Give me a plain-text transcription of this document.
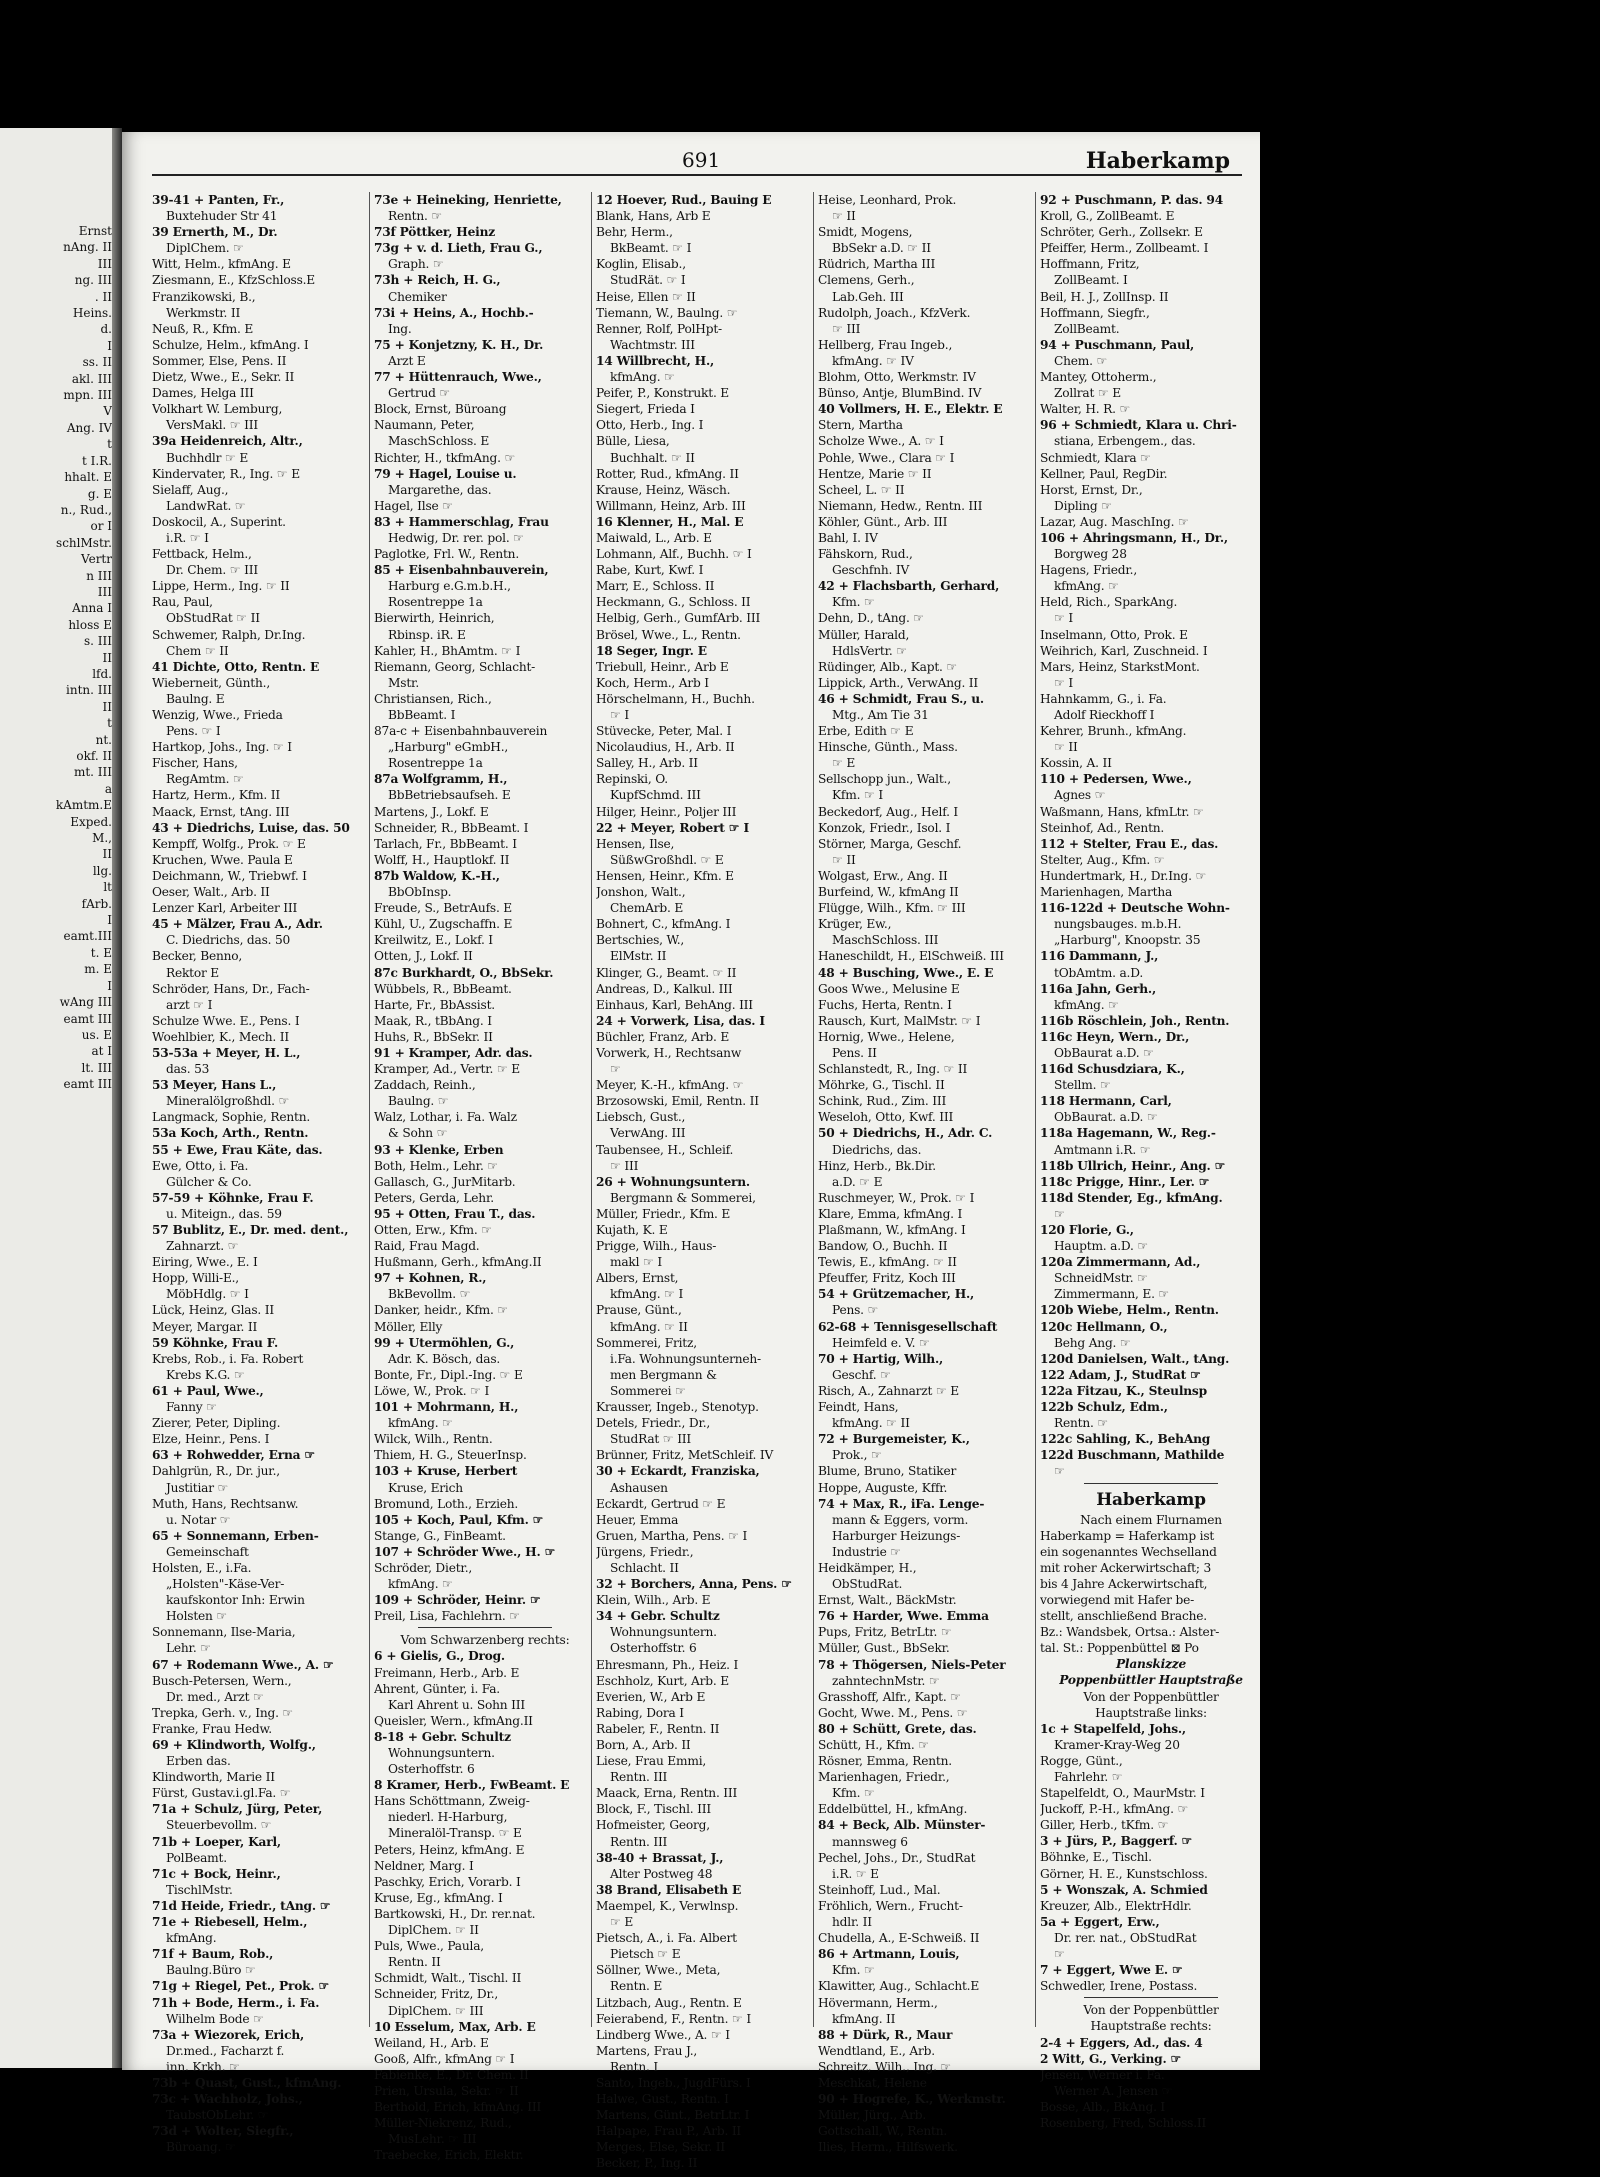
Ernst
nAng. II
III
ng. III
. II
Heins.
d.
I
ss. II
akl. III
mpn. III
V
Ang. IV
t
t I.R.
hhalt. E
g. E
n., Rud.,
or I
schlMstr.
Vertr
n III
III
Anna I
hloss E
s. III
II
lfd.
intn. III
II
t
nt.
okf. II
mt. III
a
kAmtm.E
Exped.
M.,
II
llg.
lt
fArb.
I
eamt.III
t. E
m. E
I
wAng III
eamt III
us. E
at I
lt. III
eamt III
691	Haberkamp
39-41 + Panten, Fr.,
Buxtehuder Str 41
39 Ernerth, M., Dr.
DiplChem. ☞
Witt, Helm., kfmAng. E
Ziesmann, E., KfzSchloss.E
Franzikowski, B.,
Werkmstr. II
Neuß, R., Kfm. E
Schulze, Helm., kfmAng. I
Sommer, Else, Pens. II
Dietz, Wwe., E., Sekr. II
Dames, Helga III
Volkhart W. Lemburg,
VersMakl. ☞ III
39a Heidenreich, Altr.,
Buchhdlr ☞ E
Kindervater, R., Ing. ☞ E
Sielaff, Aug.,
LandwRat. ☞
Doskocil, A., Superint.
i.R. ☞ I
Fettback, Helm.,
Dr. Chem. ☞ III
Lippe, Herm., Ing. ☞ II
Rau, Paul,
ObStudRat ☞ II
Schwemer, Ralph, Dr.Ing.
Chem ☞ II
41 Dichte, Otto, Rentn. E
Wieberneit, Günth.,
Baulng. E
Wenzig, Wwe., Frieda
Pens. ☞ I
Hartkop, Johs., Ing. ☞ I
Fischer, Hans,
RegAmtm. ☞
Hartz, Herm., Kfm. II
Maack, Ernst, tAng. III
43 + Diedrichs, Luise, das. 50
Kempff, Wolfg., Prok. ☞ E
Kruchen, Wwe. Paula E
Deichmann, W., Triebwf. I
Oeser, Walt., Arb. II
Lenzer Karl, Arbeiter III
45 + Mälzer, Frau A., Adr.
C. Diedrichs, das. 50
Becker, Benno,
Rektor E
Schröder, Hans, Dr., Fach-
arzt ☞ I
Schulze Wwe. E., Pens. I
Woehlbier, K., Mech. II
53-53a + Meyer, H. L.,
das. 53
53 Meyer, Hans L.,
Mineralölgroßhdl. ☞
Langmack, Sophie, Rentn.
53a Koch, Arth., Rentn.
55 + Ewe, Frau Käte, das.
Ewe, Otto, i. Fa.
Gülcher & Co.
57-59 + Köhnke, Frau F.
u. Miteign., das. 59
57 Bublitz, E., Dr. med. dent.,
Zahnarzt. ☞
Eiring, Wwe., E. I
Hopp, Willi-E.,
MöbHdlg. ☞ I
Lück, Heinz, Glas. II
Meyer, Margar. II
59 Köhnke, Frau F.
Krebs, Rob., i. Fa. Robert
Krebs K.G. ☞
61 + Paul, Wwe.,
Fanny ☞
Zierer, Peter, Dipling.
Elze, Heinr., Pens. I
63 + Rohwedder, Erna ☞
Dahlgrün, R., Dr. jur.,
Justitiar ☞
Muth, Hans, Rechtsanw.
u. Notar ☞
65 + Sonnemann, Erben-
Gemeinschaft
Holsten, E., i.Fa.
„Holsten"-Käse-Ver-
kaufskontor Inh: Erwin
Holsten ☞
Sonnemann, Ilse-Maria,
Lehr. ☞
67 + Rodemann Wwe., A. ☞
Busch-Petersen, Wern.,
Dr. med., Arzt ☞
Trepka, Gerh. v., Ing. ☞
Franke, Frau Hedw.
69 + Klindworth, Wolfg.,
Erben das.
Klindworth, Marie II
Fürst, Gustav.i.gl.Fa. ☞
71a + Schulz, Jürg, Peter,
Steuerbevollm. ☞
71b + Loeper, Karl,
PolBeamt.
71c + Bock, Heinr.,
TischlMstr.
71d Heide, Friedr., tAng. ☞
71e + Riebesell, Helm.,
kfmAng.
71f + Baum, Rob.,
Baulng.Büro ☞
71g + Riegel, Pet., Prok. ☞
71h + Bode, Herm., i. Fa.
Wilhelm Bode ☞
73a + Wiezorek, Erich,
Dr.med., Facharzt f.
inn. Krkh. ☞
73b + Quast, Gust., kfmAng.
73c + Wachholz, Johs.,
TaubstObLehr. ☞
73d + Wolter, Siegfr.,
Büroang. ☞
73e + Heineking, Henriette,
Rentn. ☞
73f Pöttker, Heinz
73g + v. d. Lieth, Frau G.,
Graph. ☞
73h + Reich, H. G.,
Chemiker
73i + Heins, A., Hochb.-
Ing.
75 + Konjetzny, K. H., Dr.
Arzt E
77 + Hüttenrauch, Wwe.,
Gertrud ☞
Block, Ernst, Büroang
Naumann, Peter,
MaschSchloss. E
Richter, H., tkfmAng. ☞
79 + Hagel, Louise u.
Margarethe, das.
Hagel, Ilse ☞
83 + Hammerschlag, Frau
Hedwig, Dr. rer. pol. ☞
Paglotke, Frl. W., Rentn.
85 + Eisenbahnbauverein,
Harburg e.G.m.b.H.,
Rosentreppe 1a
Bierwirth, Heinrich,
Rbinsp. iR. E
Kahler, H., BhAmtm. ☞ I
Riemann, Georg, Schlacht-
Mstr.
Christiansen, Rich.,
BbBeamt. I
87a-c + Eisenbahnbauverein
„Harburg" eGmbH.,
Rosentreppe 1a
87a Wolfgramm, H.,
BbBetriebsaufseh. E
Martens, J., Lokf. E
Schneider, R., BbBeamt. I
Tarlach, Fr., BbBeamt. I
Wolff, H., Hauptlokf. II
87b Waldow, K.-H.,
BbObInsp.
Freude, S., BetrAufs. E
Kühl, U., Zugschaffn. E
Kreilwitz, E., Lokf. I
Otten, J., Lokf. II
87c Burkhardt, O., BbSekr.
Wübbels, R., BbBeamt.
Harte, Fr., BbAssist.
Maak, R., tBbAng. I
Huhs, R., BbSekr. II
91 + Kramper, Adr. das.
Kramper, Ad., Vertr. ☞ E
Zaddach, Reinh.,
Baulng. ☞
Walz, Lothar, i. Fa. Walz
& Sohn ☞
93 + Klenke, Erben
Both, Helm., Lehr. ☞
Gallasch, G., JurMitarb.
Peters, Gerda, Lehr.
95 + Otten, Frau T., das.
Otten, Erw., Kfm. ☞
Raid, Frau Magd.
Hußmann, Gerh., kfmAng.II
97 + Kohnen, R.,
BkBevollm. ☞
Danker, heidr., Kfm. ☞
Möller, Elly
99 + Utermöhlen, G.,
Adr. K. Bösch, das.
Bonte, Fr., Dipl.-Ing. ☞ E
Löwe, W., Prok. ☞ I
101 + Mohrmann, H.,
kfmAng. ☞
Wilck, Wilh., Rentn.
Thiem, H. G., SteuerInsp.
103 + Kruse, Herbert
Kruse, Erich
Bromund, Loth., Erzieh.
105 + Koch, Paul, Kfm. ☞
Stange, G., FinBeamt.
107 + Schröder Wwe., H. ☞
Schröder, Dietr.,
kfmAng. ☞
109 + Schröder, Heinr. ☞
Preil, Lisa, Fachlehrn. ☞
Vom Schwarzenberg rechts:
6 + Gielis, G., Drog.
Freimann, Herb., Arb. E
Ahrent, Günter, i. Fa.
Karl Ahrent u. Sohn III
Queisler, Wern., kfmAng.II
8-18 + Gebr. Schultz
Wohnungsuntern.
Osterhoffstr. 6
8 Kramer, Herb., FwBeamt. E
Hans Schöttmann, Zweig-
niederl. H-Harburg,
Mineralöl-Transp. ☞ E
Peters, Heinz, kfmAng. E
Neldner, Marg. I
Paschky, Erich, Vorarb. I
Kruse, Eg., kfmAng. I
Bartkowski, H., Dr. rer.nat.
DiplChem. ☞ II
Puls, Wwe., Paula,
Rentn. II
Schmidt, Walt., Tischl. II
Schneider, Fritz, Dr.,
DiplChem. ☞ III
10 Esselum, Max, Arb. E
Weiland, H., Arb. E
Gooß, Alfr., kfmAng ☞ I
Fabienke, E., Dr. Chem. II
Prien, Ursula, Sekr. ☞ II
Berthold, Erich, kfmAng. III
Müller-Niekrenz, Rud.,
MusLehr. ☞ III
Traebecke, Erich, Elektr.
12 Hoever, Rud., Bauing E
Blank, Hans, Arb E
Behr, Herm.,
BkBeamt. ☞ I
Koglin, Elisab.,
StudRät. ☞ I
Heise, Ellen ☞ II
Tiemann, W., Baulng. ☞
Renner, Rolf, PolHpt-
Wachtmstr. III
14 Willbrecht, H.,
kfmAng. ☞
Peifer, P., Konstrukt. E
Siegert, Frieda I
Otto, Herb., Ing. I
Bülle, Liesa,
Buchhalt. ☞ II
Rotter, Rud., kfmAng. II
Krause, Heinz, Wäsch.
Willmann, Heinz, Arb. III
16 Klenner, H., Mal. E
Maiwald, L., Arb. E
Lohmann, Alf., Buchh. ☞ I
Rabe, Kurt, Kwf. I
Marr, E., Schloss. II
Heckmann, G., Schloss. II
Helbig, Gerh., GumfArb. III
Brösel, Wwe., L., Rentn.
18 Seger, Ingr. E
Triebull, Heinr., Arb E
Koch, Herm., Arb I
Hörschelmann, H., Buchh.
☞ I
Stüvecke, Peter, Mal. I
Nicolaudius, H., Arb. II
Salley, H., Arb. II
Repinski, O.
KupfSchmd. III
Hilger, Heinr., Poljer III
22 + Meyer, Robert ☞ I
Hensen, Ilse,
SüßwGroßhdl. ☞ E
Hensen, Heinr., Kfm. E
Jonshon, Walt.,
ChemArb. E
Bohnert, C., kfmAng. I
Bertschies, W.,
ElMstr. II
Klinger, G., Beamt. ☞ II
Andreas, D., Kalkul. III
Einhaus, Karl, BehAng. III
24 + Vorwerk, Lisa, das. I
Büchler, Franz, Arb. E
Vorwerk, H., Rechtsanw
☞
Meyer, K.-H., kfmAng. ☞
Brzosowski, Emil, Rentn. II
Liebsch, Gust.,
VerwAng. III
Taubensee, H., Schleif.
☞ III
26 + Wohnungsuntern.
Bergmann & Sommerei,
Müller, Friedr., Kfm. E
Kujath, K. E
Prigge, Wilh., Haus-
makl ☞ I
Albers, Ernst,
kfmAng. ☞ I
Prause, Günt.,
kfmAng. ☞ II
Sommerei, Fritz,
i.Fa. Wohnungsunterneh-
men Bergmann &
Sommerei ☞
Krausser, Ingeb., Stenotyp.
Detels, Friedr., Dr.,
StudRat ☞ III
Brünner, Fritz, MetSchleif. IV
30 + Eckardt, Franziska,
Ashausen
Eckardt, Gertrud ☞ E
Heuer, Emma
Gruen, Martha, Pens. ☞ I
Jürgens, Friedr.,
Schlacht. II
32 + Borchers, Anna, Pens. ☞
Klein, Wilh., Arb. E
34 + Gebr. Schultz
Wohnungsuntern.
Osterhoffstr. 6
Ehresmann, Ph., Heiz. I
Eschholz, Kurt, Arb. E
Everien, W., Arb E
Rabing, Dora I
Rabeler, F., Rentn. II
Born, A., Arb. II
Liese, Frau Emmi,
Rentn. III
Maack, Erna, Rentn. III
Block, F., Tischl. III
Hofmeister, Georg,
Rentn. III
38-40 + Brassat, J.,
Alter Postweg 48
38 Brand, Elisabeth E
Maempel, K., Verwlnsp.
☞ E
Pietsch, A., i. Fa. Albert
Pietsch ☞ E
Söllner, Wwe., Meta,
Rentn. E
Litzbach, Aug., Rentn. E
Feierabend, F., Rentn. ☞ I
Lindberg Wwe., A. ☞ I
Martens, Frau J.,
Rentn. I
Santo, Ingeb., JugdFürs. I
Halwe, Gust., Rentn. I
Martens, Günt., BetrLtr. I
Halpape, Frau P., Arb. II
Merges, Else, Sekr. II
Becker, P., Ing. II
Heise, Leonhard, Prok.
☞ II
Smidt, Mogens,
BbSekr a.D. ☞ II
Rüdrich, Martha III
Clemens, Gerh.,
Lab.Geh. III
Rudolph, Joach., KfzVerk.
☞ III
Hellberg, Frau Ingeb.,
kfmAng. ☞ IV
Blohm, Otto, Werkmstr. IV
Bünso, Antje, BlumBind. IV
40 Vollmers, H. E., Elektr. E
Stern, Martha
Scholze Wwe., A. ☞ I
Pohle, Wwe., Clara ☞ I
Hentze, Marie ☞ II
Scheel, L. ☞ II
Niemann, Hedw., Rentn. III
Köhler, Günt., Arb. III
Bahl, I. IV
Fähskorn, Rud.,
Geschfnh. IV
42 + Flachsbarth, Gerhard,
Kfm. ☞
Dehn, D., tAng. ☞
Müller, Harald,
HdlsVertr. ☞
Rüdinger, Alb., Kapt. ☞
Lippick, Arth., VerwAng. II
46 + Schmidt, Frau S., u.
Mtg., Am Tie 31
Erbe, Edith ☞ E
Hinsche, Günth., Mass.
☞ E
Sellschopp jun., Walt.,
Kfm. ☞ I
Beckedorf, Aug., Helf. I
Konzok, Friedr., Isol. I
Störner, Marga, Geschf.
☞ II
Wolgast, Erw., Ang. II
Burfeind, W., kfmAng II
Flügge, Wilh., Kfm. ☞ III
Krüger, Ew.,
MaschSchloss. III
Haneschildt, H., ElSchweiß. III
48 + Busching, Wwe., E. E
Goos Wwe., Melusine E
Fuchs, Herta, Rentn. I
Rausch, Kurt, MalMstr. ☞ I
Hornig, Wwe., Helene,
Pens. II
Schlanstedt, R., Ing. ☞ II
Möhrke, G., Tischl. II
Schink, Rud., Zim. III
Weseloh, Otto, Kwf. III
50 + Diedrichs, H., Adr. C.
Diedrichs, das.
Hinz, Herb., Bk.Dir.
a.D. ☞ E
Ruschmeyer, W., Prok. ☞ I
Klare, Emma, kfmAng. I
Plaßmann, W., kfmAng. I
Bandow, O., Buchh. II
Tewis, E., kfmAng. ☞ II
Pfeuffer, Fritz, Koch III
54 + Grützemacher, H.,
Pens. ☞
62-68 + Tennisgesellschaft
Heimfeld e. V. ☞
70 + Hartig, Wilh.,
Geschf. ☞
Risch, A., Zahnarzt ☞ E
Feindt, Hans,
kfmAng. ☞ II
72 + Burgemeister, K.,
Prok., ☞
Blume, Bruno, Statiker
Hoppe, Auguste, Kffr.
74 + Max, R., iFa. Lenge-
mann & Eggers, vorm.
Harburger Heizungs-
Industrie ☞
Heidkämper, H.,
ObStudRat.
Ernst, Walt., BäckMstr.
76 + Harder, Wwe. Emma
Pups, Fritz, BetrLtr. ☞
Müller, Gust., BbSekr.
78 + Thögersen, Niels-Peter
zahntechnMstr. ☞
Grasshoff, Alfr., Kapt. ☞
Gocht, Wwe. M., Pens. ☞
80 + Schütt, Grete, das.
Schütt, H., Kfm. ☞
Rösner, Emma, Rentn.
Marienhagen, Friedr.,
Kfm. ☞
Eddelbüttel, H., kfmAng.
84 + Beck, Alb. Münster-
mannsweg 6
Pechel, Johs., Dr., StudRat
i.R. ☞ E
Steinhoff, Lud., Mal.
Fröhlich, Wern., Frucht-
hdlr. II
Chudella, A., E-Schweiß. II
86 + Artmann, Louis,
Kfm. ☞
Klawitter, Aug., Schlacht.E
Hövermann, Herm.,
kfmAng. II
88 + Dürk, R., Maur
Wendtland, E., Arb.
Schreitz, Wilh., Ing. ☞
Meschkat, Helene
90 + Hogrefe, K., Werkmstr.
Müller, Jürg., Arb.
Gottschall, W., Rentn.
Ilies, Herm., Hilfswerk.
92 + Puschmann, P. das. 94
Kroll, G., ZollBeamt. E
Schröter, Gerh., Zollsekr. E
Pfeiffer, Herm., Zollbeamt. I
Hoffmann, Fritz,
ZollBeamt. I
Beil, H. J., ZollInsp. II
Hoffmann, Siegfr.,
ZollBeamt.
94 + Puschmann, Paul,
Chem. ☞
Mantey, Ottoherm.,
Zollrat ☞ E
Walter, H. R. ☞
96 + Schmiedt, Klara u. Chri-
stiana, Erbengem., das.
Schmiedt, Klara ☞
Kellner, Paul, RegDir.
Horst, Ernst, Dr.,
Dipling ☞
Lazar, Aug. MaschIng. ☞
106 + Ahringsmann, H., Dr.,
Borgweg 28
Hagens, Friedr.,
kfmAng. ☞
Held, Rich., SparkAng.
☞ I
Inselmann, Otto, Prok. E
Weihrich, Karl, Zuschneid. I
Mars, Heinz, StarkstMont.
☞ I
Hahnkamm, G., i. Fa.
Adolf Rieckhoff I
Kehrer, Brunh., kfmAng.
☞ II
Kossin, A. II
110 + Pedersen, Wwe.,
Agnes ☞
Waßmann, Hans, kfmLtr. ☞
Steinhof, Ad., Rentn.
112 + Stelter, Frau E., das.
Stelter, Aug., Kfm. ☞
Hundertmark, H., Dr.Ing. ☞
Marienhagen, Martha
116-122d + Deutsche Wohn-
nungsbauges. m.b.H.
„Harburg", Knoopstr. 35
116 Dammann, J.,
tObAmtm. a.D.
116a Jahn, Gerh.,
kfmAng. ☞
116b Röschlein, Joh., Rentn.
116c Heyn, Wern., Dr.,
ObBaurat a.D. ☞
116d Schusdziara, K.,
Stellm. ☞
118 Hermann, Carl,
ObBaurat. a.D. ☞
118a Hagemann, W., Reg.-
Amtmann i.R. ☞
118b Ullrich, Heinr., Ang. ☞
118c Prigge, Hinr., Ler. ☞
118d Stender, Eg., kfmAng.
☞
120 Florie, G.,
Hauptm. a.D. ☞
120a Zimmermann, Ad.,
SchneidMstr. ☞
Zimmermann, E. ☞
120b Wiebe, Helm., Rentn.
120c Hellmann, O.,
Behg Ang. ☞
120d Danielsen, Walt., tAng.
122 Adam, J., StudRat ☞
122a Fitzau, K., Steulnsp
122b Schulz, Edm.,
Rentn. ☞
122c Sahling, K., BehAng
122d Buschmann, Mathilde
☞
Haberkamp
Nach einem Flurnamen
Haberkamp = Haferkamp ist
ein sogenanntes Wechselland
mit roher Ackerwirtschaft; 3
bis 4 Jahre Ackerwirtschaft,
vorwiegend mit Hafer be-
stellt, anschließend Brache.
Bz.: Wandsbek, Ortsa.: Alster-
tal. St.: Poppenbüttel ⊠ Po
Planskizze
Poppenbüttler Hauptstraße
Von der Poppenbüttler
Hauptstraße links:
1c + Stapelfeld, Johs.,
Kramer-Kray-Weg 20
Rogge, Günt.,
Fahrlehr. ☞
Stapelfeldt, O., MaurMstr. I
Juckoff, P.-H., kfmAng. ☞
Giller, Herb., tKfm. ☞
3 + Jürs, P., Baggerf. ☞
Böhnke, E., Tischl.
Görner, H. E., Kunstschloss.
5 + Wonszak, A. Schmied
Kreuzer, Alb., ElektrHdlr.
5a + Eggert, Erw.,
Dr. rer. nat., ObStudRat
☞
7 + Eggert, Wwe E. ☞
Schwedler, Irene, Postass.
Von der Poppenbüttler
Hauptstraße rechts:
2-4 + Eggers, Ad., das. 4
2 Witt, G., Verking. ☞
Jensen, Werner i. Fa.
Werner A. Jensen ☞
Bosse, Alb., BkAng. I
Rosenberg, Fred, Schloss.II
